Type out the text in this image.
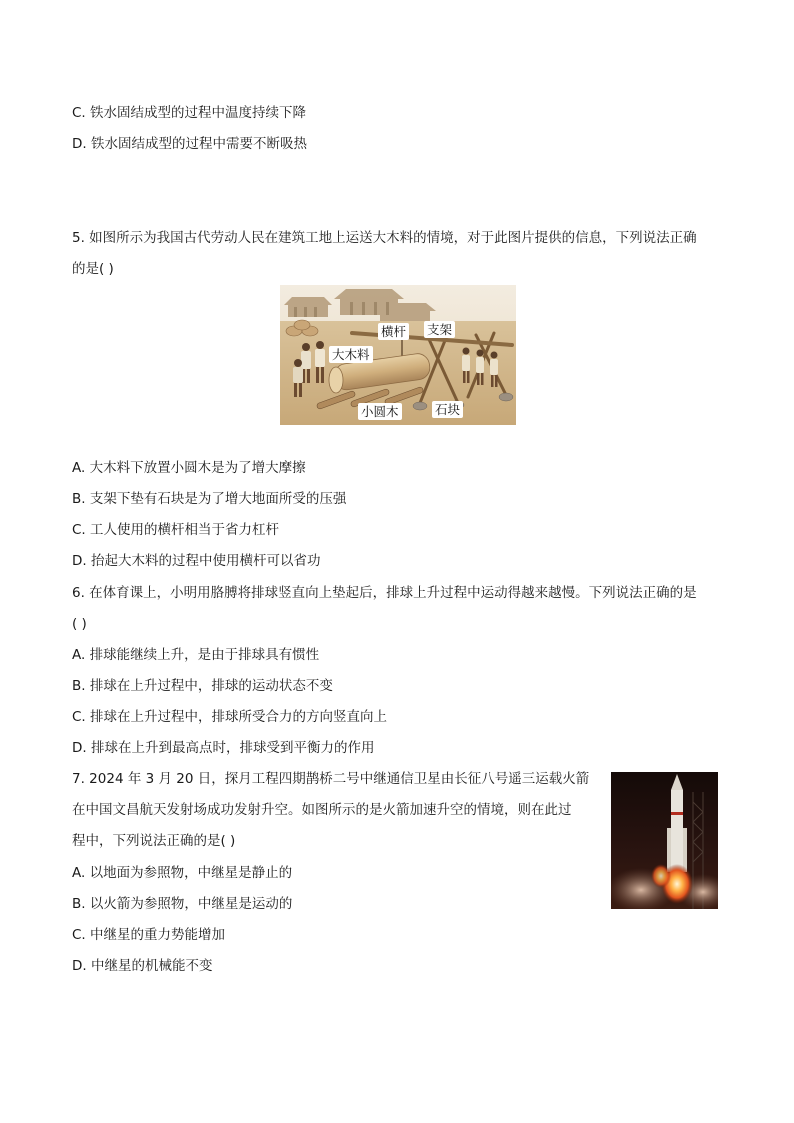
C. 铁水固结成型的过程中温度持续下降
D. 铁水固结成型的过程中需要不断吸热
5. 如图所示为我国古代劳动人民在建筑工地上运送大木料的情境，对于此图片提供的信息，下列说法正确
的是( )
横杆 支架
大木料
小圆木	石块
A. 大木料下放置小圆木是为了增大摩擦
B. 支架下垫有石块是为了增大地面所受的压强
C. 工人使用的横杆相当于省力杠杆
D. 抬起大木料的过程中使用横杆可以省功
6. 在体育课上，小明用胳膊将排球竖直向上垫起后，排球上升过程中运动得越来越慢。下列说法正确的是
( )
A. 排球能继续上升，是由于排球具有惯性
B. 排球在上升过程中，排球的运动状态不变
C. 排球在上升过程中，排球所受合力的方向竖直向上
D. 排球在上升到最高点时，排球受到平衡力的作用
7. 2024 年 3 月 20 日，探月工程四期鹊桥二号中继通信卫星由长征八号遥三运载火箭
在中国文昌航天发射场成功发射升空。如图所示的是火箭加速升空的情境，则在此过
程中，下列说法正确的是( )
A. 以地面为参照物，中继星是静止的
B. 以火箭为参照物，中继星是运动的
C. 中继星的重力势能增加
D. 中继星的机械能不变
